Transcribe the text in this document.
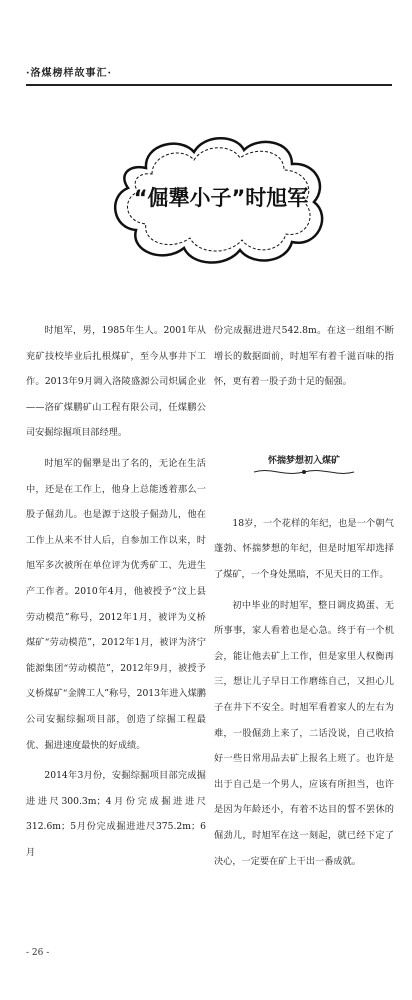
·洛煤榜样故事汇·
“倔犟小子”时旭军

时旭军，男，1985年生人。2001年从兖矿技校毕业后扎根煤矿，至今从事井下工作。2013年9月调入洛陵盛源公司炽属企业——洛矿煤鹏矿山工程有限公司，任煤鹏公司安掘综掘项目部经理。

时旭军的倔犟是出了名的，无论在生活中，还是在工作上，他身上总能透着那么一股子倔劲儿。也是源于这股子倔劲儿，他在工作上从来不甘人后，自参加工作以来，时旭军多次被所在单位评为优秀矿工、先进生产工作者。2010年4月，他被授予“汶上县劳动模范”称号，2012年1月，被评为义桥煤矿“劳动模范”，2012年1月，被评为济宁能源集团“劳动模范”，2012年9月，被授予义桥煤矿“金牌工人”称号，2013年进入煤鹏公司安掘综掘项目部，创造了综掘工程最优、掘进速度最快的好成绩。

2014年3月份，安掘综掘项目部完成掘进进尺300.3m；4月份完成掘进进尺312.6m；5月份完成掘进进尺375.2m；6月

份完成掘进进尺542.8m。在这一组组不断增长的数据面前，时旭军有着千滋百味的指怀，更有着一股子劲十足的倔强。

怀揣梦想初入煤矿

18岁，一个花样的年纪，也是一个朝气蓬勃、怀揣梦想的年纪，但是时旭军却选择了煤矿，一个身处黑暗，不见天日的工作。

初中毕业的时旭军，整日调皮捣蛋、无所事事，家人看着也是心急。终于有一个机会，能让他去矿上工作，但是家里人权衡再三，想让儿子早日工作磨练自己，又担心儿子在井下不安全。时旭军看着家人的左右为难，一股倔劲上来了，二话没说，自己收拾好一些日常用品去矿上报名上班了。也许是出于自己是一个男人，应该有所担当，也许是因为年龄还小，有着不达目的誓不罢休的倔劲儿，时旭军在这一刻起，就已经下定了决心，一定要在矿上干出一番成就。

- 26 -
